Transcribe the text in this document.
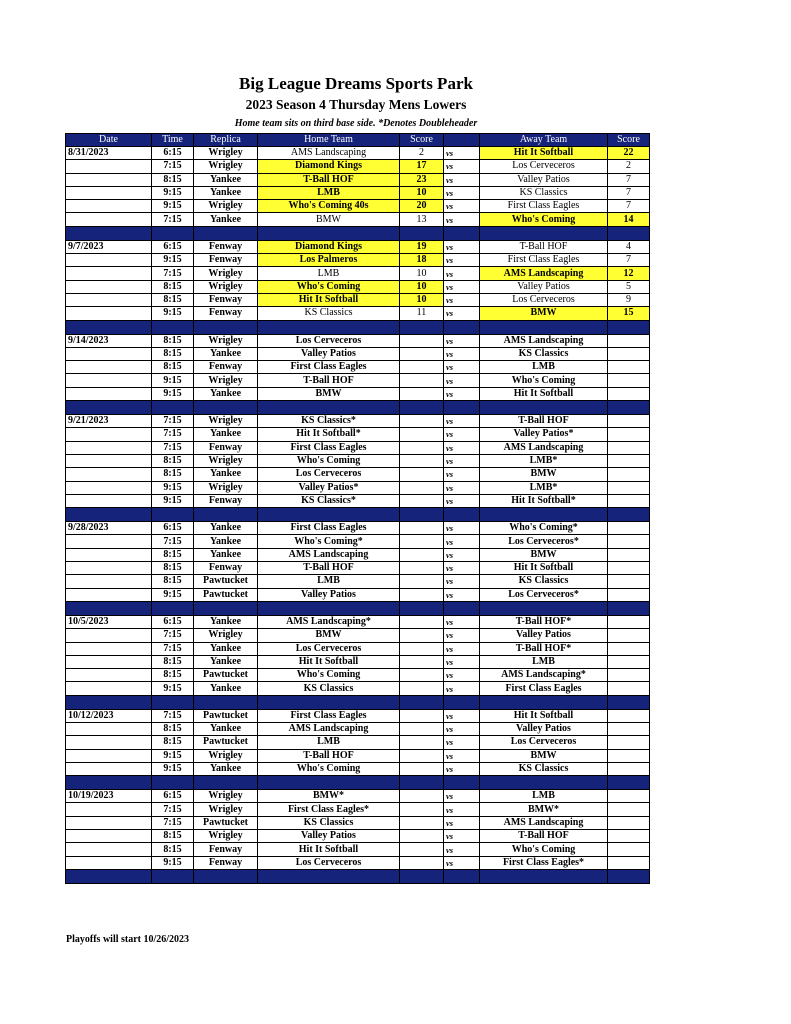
Big League Dreams Sports Park
2023 Season 4 Thursday Mens Lowers
Home team sits on third base side. *Denotes Doubleheader
Date	Time	Replica	Home Team	Score		Away Team	Score
8/31/2023	6:15	Wrigley	AMS Landscaping	2	vs	Hit It Softball	22
	7:15	Wrigley	Diamond Kings	17	vs	Los Cerveceros	2
	8:15	Yankee	T-Ball HOF	23	vs	Valley Patios	7
	9:15	Yankee	LMB	10	vs	KS Classics	7
	9:15	Wrigley	Who's Coming 40s	20	vs	First Class Eagles	7
	7:15	Yankee	BMW	13	vs	Who's Coming	14

9/7/2023	6:15	Fenway	Diamond Kings	19	vs	T-Ball HOF	4
	9:15	Fenway	Los Palmeros	18	vs	First Class Eagles	7
	7:15	Wrigley	LMB	10	vs	AMS Landscaping	12
	8:15	Wrigley	Who's Coming	10	vs	Valley Patios	5
	8:15	Fenway	Hit It Softball	10	vs	Los Cerveceros	9
	9:15	Fenway	KS Classics	11	vs	BMW	15

9/14/2023	8:15	Wrigley	Los Cerveceros		vs	AMS Landscaping	
	8:15	Yankee	Valley Patios		vs	KS Classics	
	8:15	Fenway	First Class Eagles		vs	LMB	
	9:15	Wrigley	T-Ball HOF		vs	Who's Coming	
	9:15	Yankee	BMW		vs	Hit It Softball	

9/21/2023	7:15	Wrigley	KS Classics*		vs	T-Ball HOF	
	7:15	Yankee	Hit It Softball*		vs	Valley Patios*	
	7:15	Fenway	First Class Eagles		vs	AMS Landscaping	
	8:15	Wrigley	Who's Coming		vs	LMB*	
	8:15	Yankee	Los Cerveceros		vs	BMW	
	9:15	Wrigley	Valley Patios*		vs	LMB*	
	9:15	Fenway	KS Classics*		vs	Hit It Softball*	

9/28/2023	6:15	Yankee	First Class Eagles		vs	Who's Coming*	
	7:15	Yankee	Who's Coming*		vs	Los Cerveceros*	
	8:15	Yankee	AMS Landscaping		vs	BMW	
	8:15	Fenway	T-Ball HOF		vs	Hit It Softball	
	8:15	Pawtucket	LMB		vs	KS Classics	
	9:15	Pawtucket	Valley Patios		vs	Los Cerveceros*	

10/5/2023	6:15	Yankee	AMS Landscaping*		vs	T-Ball HOF*	
	7:15	Wrigley	BMW		vs	Valley Patios	
	7:15	Yankee	Los Cerveceros		vs	T-Ball HOF*	
	8:15	Yankee	Hit It Softball		vs	LMB	
	8:15	Pawtucket	Who's Coming		vs	AMS Landscaping*	
	9:15	Yankee	KS Classics		vs	First Class Eagles	

10/12/2023	7:15	Pawtucket	First Class Eagles		vs	Hit It Softball	
	8:15	Yankee	AMS Landscaping		vs	Valley Patios	
	8:15	Pawtucket	LMB		vs	Los Cerveceros	
	9:15	Wrigley	T-Ball HOF		vs	BMW	
	9:15	Yankee	Who's Coming		vs	KS Classics	

10/19/2023	6:15	Wrigley	BMW*		vs	LMB	
	7:15	Wrigley	First Class Eagles*		vs	BMW*	
	7:15	Pawtucket	KS Classics		vs	AMS Landscaping	
	8:15	Wrigley	Valley Patios		vs	T-Ball HOF	
	8:15	Fenway	Hit It Softball		vs	Who's Coming	
	9:15	Fenway	Los Cerveceros		vs	First Class Eagles*	

Playoffs will start 10/26/2023
